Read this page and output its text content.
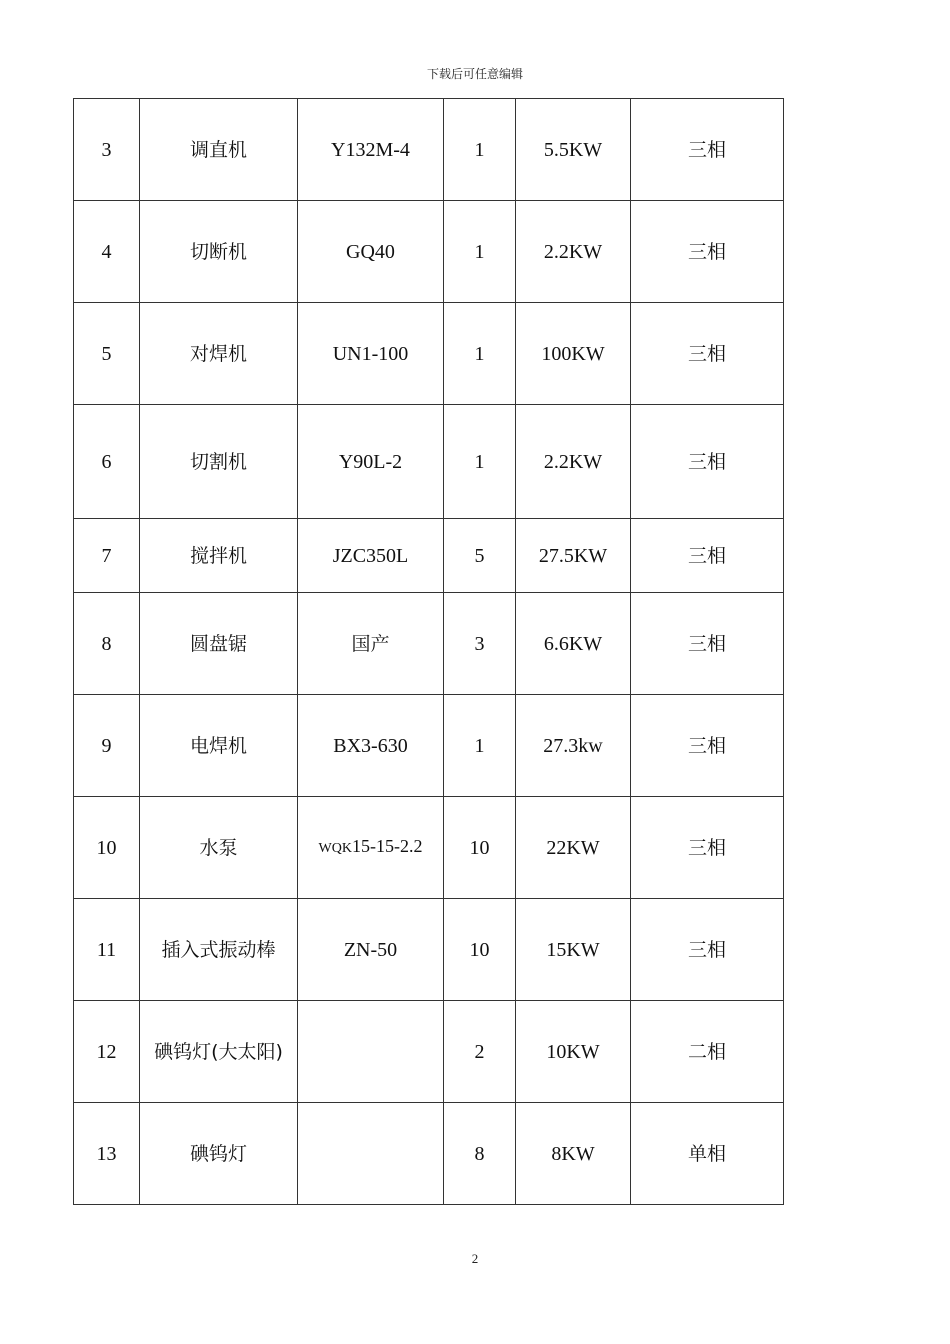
下载后可任意编辑
3	调直机	Y132M-4	1	5.5KW	三相
4	切断机	GQ40	1	2.2KW	三相
5	对焊机	UN1-100	1	100KW	三相
6	切割机	Y90L-2	1	2.2KW	三相
7	搅拌机	JZC350L	5	27.5KW	三相
8	圆盘锯	国产	3	6.6KW	三相
9	电焊机	BX3-630	1	27.3kw	三相
10	水泵	WQK15-15-2.2	10	22KW	三相
11	插入式振动棒	ZN-50	10	15KW	三相
12	碘钨灯(大太阳)		2	10KW	二相
13	碘钨灯		8	8KW	单相
2
